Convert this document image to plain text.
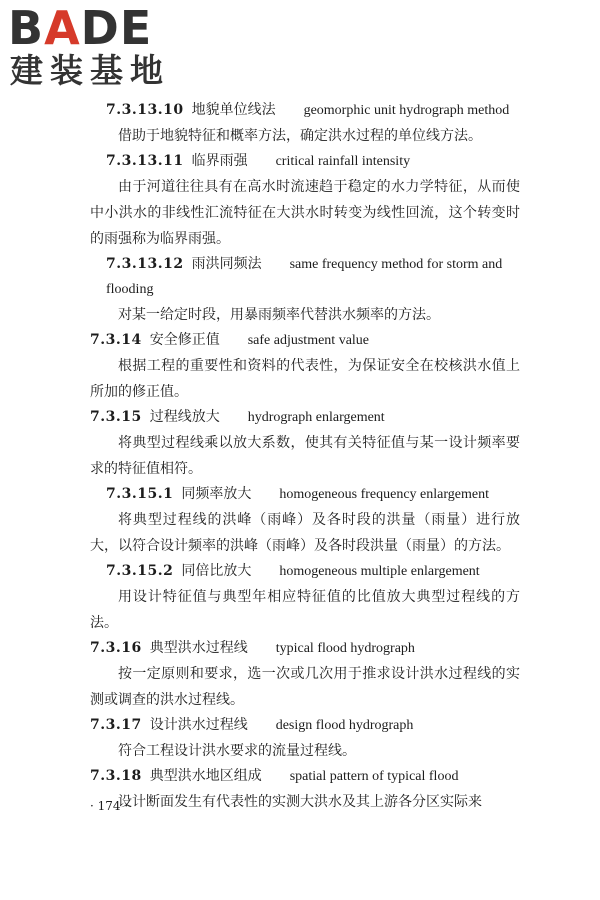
BADE
建装基地

7.3.13.10 地貌单位线法 geomorphic unit hydrograph method

借助于地貌特征和概率方法，确定洪水过程的单位线方法。

7.3.13.11 临界雨强 critical rainfall intensity

由于河道往往具有在高水时流速趋于稳定的水力学特征，从而使中小洪水的非线性汇流特征在大洪水时转变为线性回流，这个转变时的雨强称为临界雨强。

7.3.13.12 雨洪同频法 same frequency method for storm and flooding

对某一给定时段，用暴雨频率代替洪水频率的方法。

7.3.14 安全修正值 safe adjustment value

根据工程的重要性和资料的代表性，为保证安全在校核洪水值上所加的修正值。

7.3.15 过程线放大 hydrograph enlargement

将典型过程线乘以放大系数，使其有关特征值与某一设计频率要求的特征值相符。

7.3.15.1 同频率放大 homogeneous frequency enlargement

将典型过程线的洪峰（雨峰）及各时段的洪量（雨量）进行放大，以符合设计频率的洪峰（雨峰）及各时段洪量（雨量）的方法。

7.3.15.2 同倍比放大 homogeneous multiple enlargement

用设计特征值与典型年相应特征值的比值放大典型过程线的方法。

7.3.16 典型洪水过程线 typical flood hydrograph

按一定原则和要求，选一次或几次用于推求设计洪水过程线的实测或调查的洪水过程线。

7.3.17 设计洪水过程线 design flood hydrograph

符合工程设计洪水要求的流量过程线。

7.3.18 典型洪水地区组成 spatial pattern of typical flood

设计断面发生有代表性的实测大洪水及其上游各分区实际来

· 174 ·
